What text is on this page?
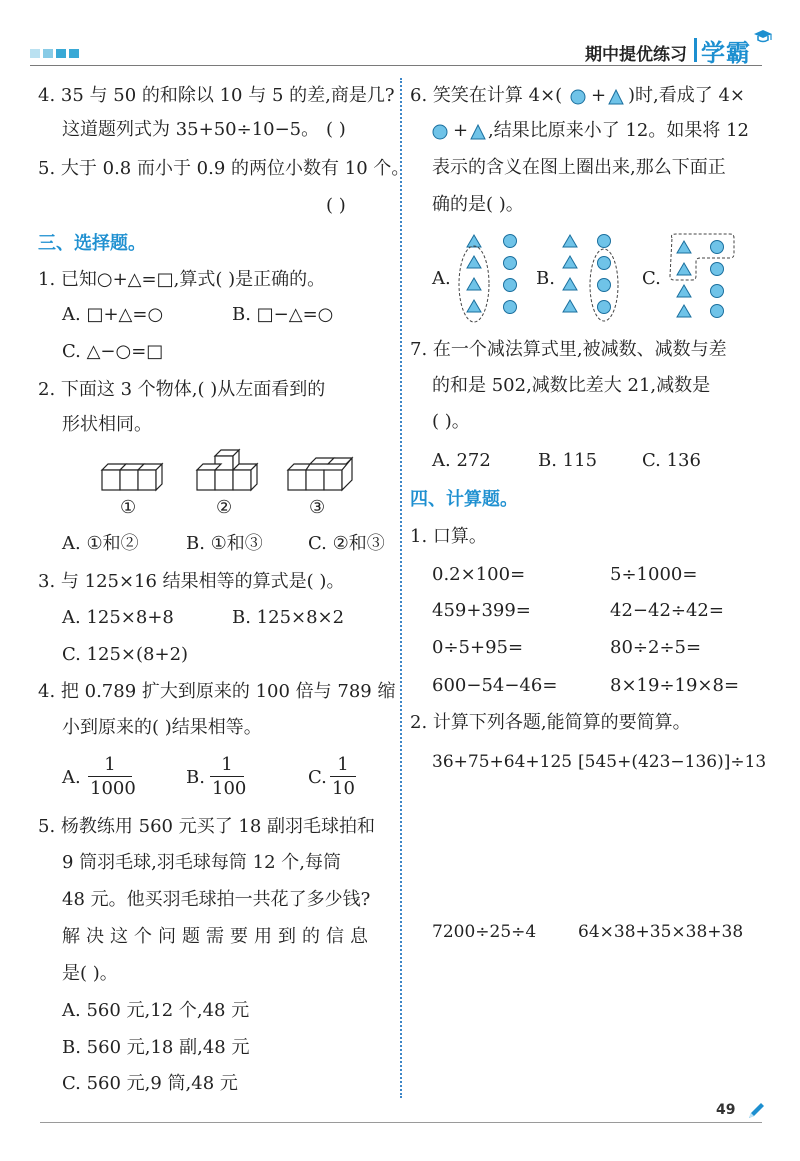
期中提优练习 学霸
4. 35 与 50 的和除以 10 与 5 的差,商是几?
这道题列式为 35+50÷10−5。 ( )
5. 大于 0.8 而小于 0.9 的两位小数有 10 个。
( )
三、选择题。
1. 已知○+△=□,算式( )是正确的。
A. □+△=○	B. □−△=○
C. △−○=□
2. 下面这 3 个物体,( )从左面看到的
形状相同。
①	②	③
A. ①和②	B. ①和③	C. ②和③
3. 与 125×16 结果相等的算式是( )。
A. 125×8+8	B. 125×8×2
C. 125×(8+2)
4. 把 0.789 扩大到原来的 100 倍与 789 缩
小到原来的( )结果相等。
A. $\frac{1}{1000}$	B. $\frac{1}{100}$	C. $\frac{1}{10}$
5. 杨教练用 560 元买了 18 副羽毛球拍和
9 筒羽毛球,羽毛球每筒 12 个,每筒
48 元。他买羽毛球拍一共花了多少钱?
解决这个问题需要用到的信息
是( )。
A. 560 元,12 个,48 元
B. 560 元,18 副,48 元
C. 560 元,9 筒,48 元
6. 笑笑在计算 4×( + )时,看成了 4×
+ ,结果比原来小了 12。如果将 12
表示的含义在图上圈出来,那么下面正
确的是( )。
A.	B.	C.
7. 在一个减法算式里,被减数、减数与差
的和是 502,减数比差大 21,减数是
( )。
A. 272	B. 115 C. 136
四、计算题。
1. 口算。
0.2×100=	5÷1000=
459+399=	42−42÷42=
0÷5+95=	80÷2÷5=
600−54−46=	8×19÷19×8=
2. 计算下列各题,能简算的要简算。
36+75+64+125 [545+(423−136)]÷13
7200÷25÷4 64×38+35×38+38
49
